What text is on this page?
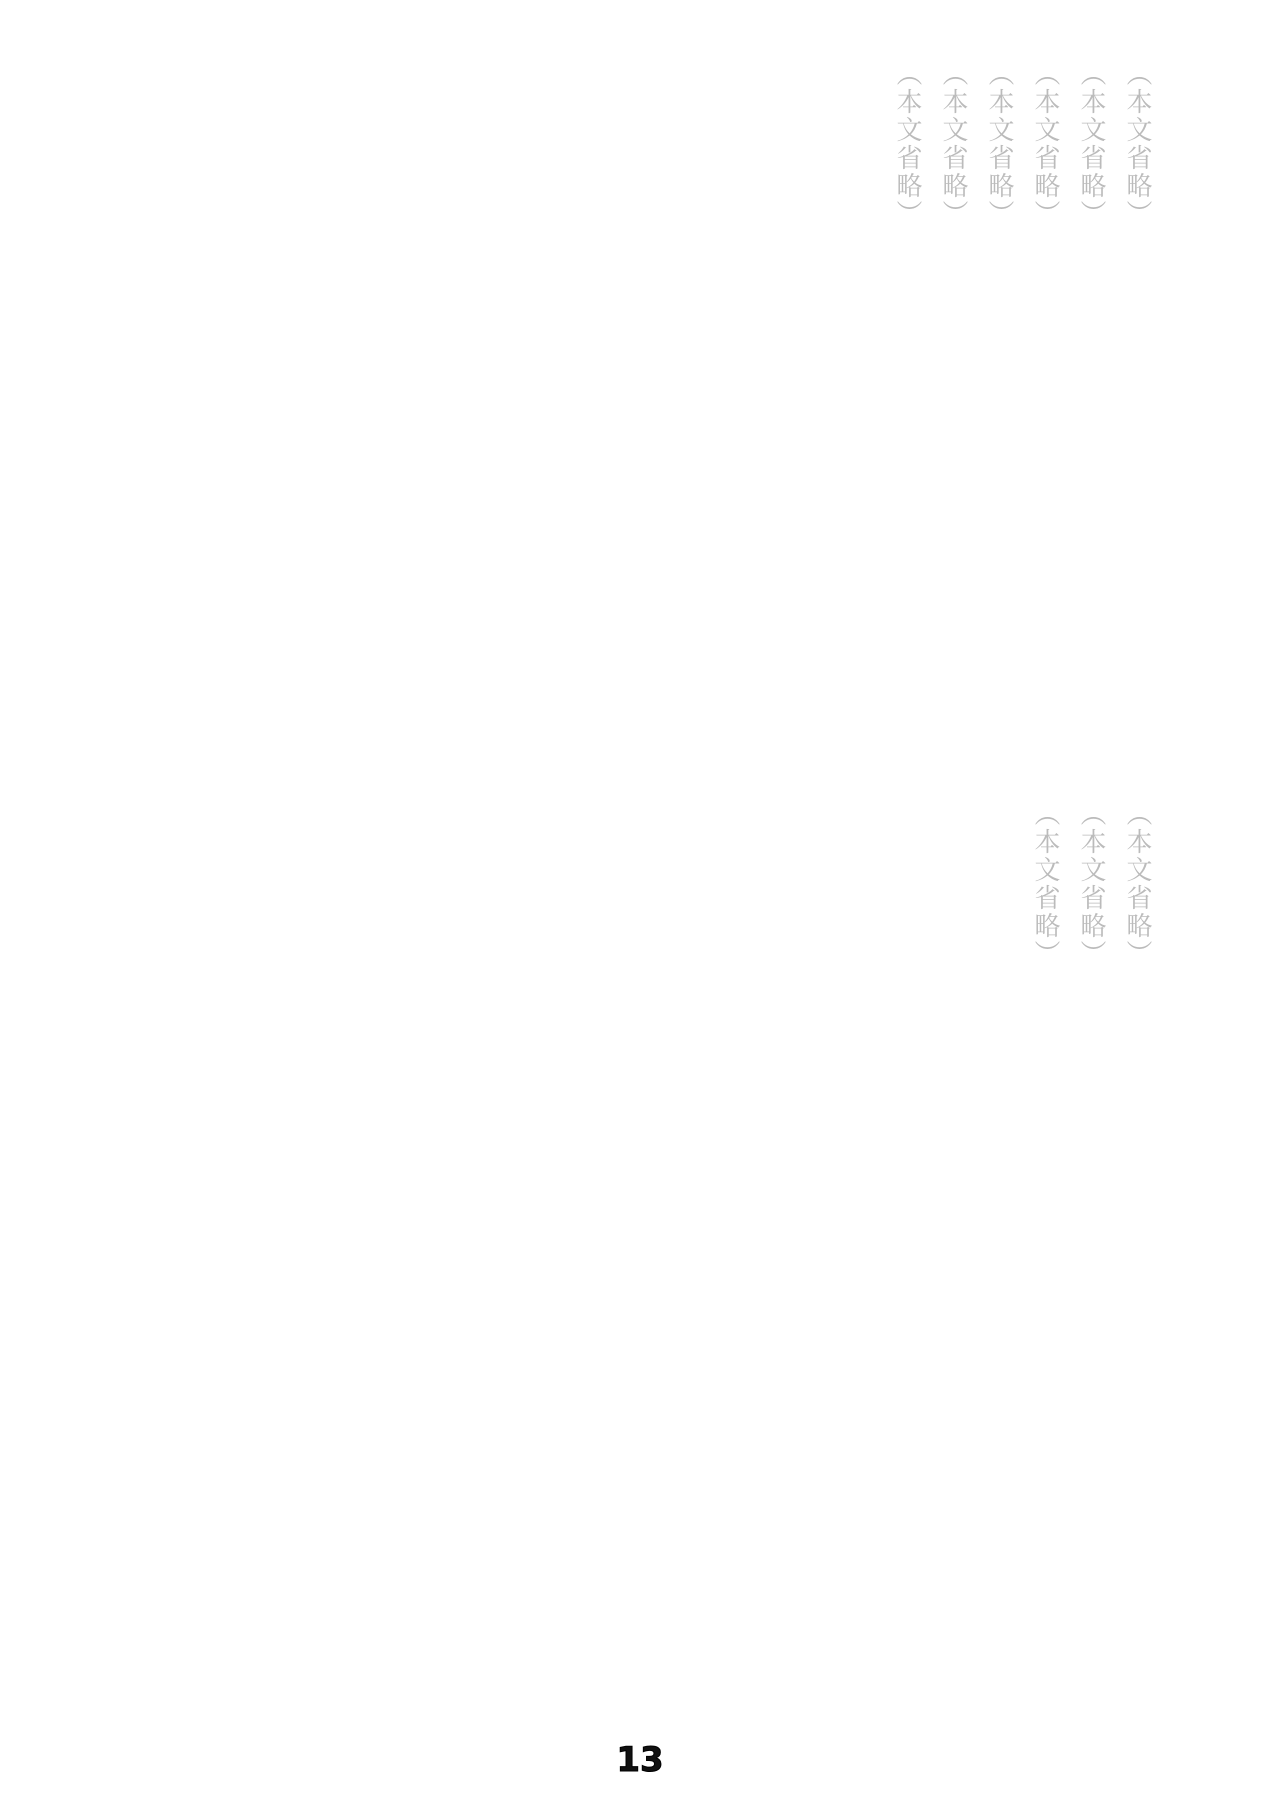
（本文省略）

（本文省略）

（本文省略）

（本文省略）

（本文省略）

（本文省略）

（本文省略）

（本文省略）

（本文省略）

13
